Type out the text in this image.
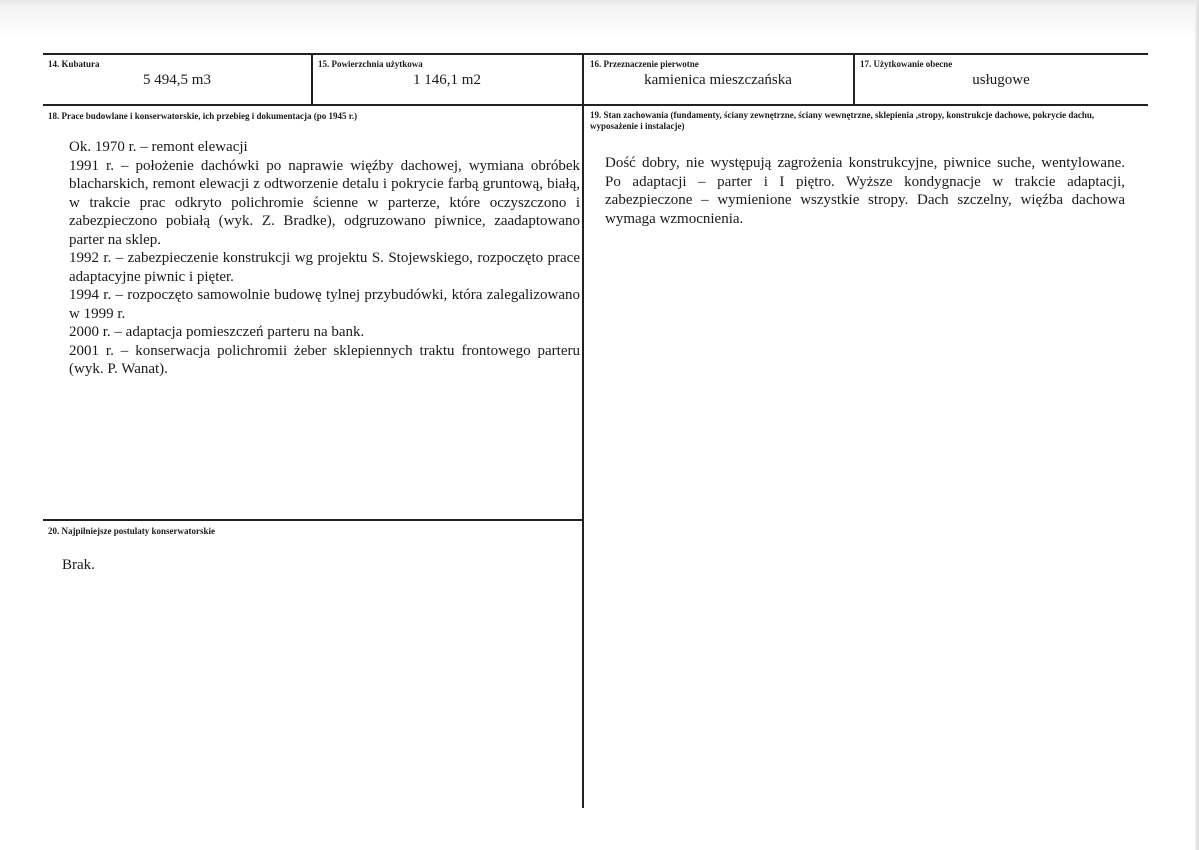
14. Kubatura
5 494,5 m3
15. Powierzchnia użytkowa
1 146,1 m2
16. Przeznaczenie pierwotne
kamienica mieszczańska
17. Użytkowanie obecne
usługowe
18. Prace budowlane i konserwatorskie, ich przebieg i dokumentacja (po 1945 r.)

Ok. 1970 r. – remont elewacji

1991 r. – położenie dachówki po naprawie więźby dachowej, wymiana obróbek blacharskich, remont elewacji z odtworzenie detalu i pokrycie farbą gruntową, białą, w trakcie prac odkryto polichromie ścienne w parterze, które oczyszczono i zabezpieczono pobiałą (wyk. Z. Bradke), odgruzowano piwnice, zaadaptowano parter na sklep.

1992 r. – zabezpieczenie konstrukcji wg projektu S. Stojewskiego, rozpoczęto prace adaptacyjne piwnic i pięter.

1994 r. – rozpoczęto samowolnie budowę tylnej przybudówki, która zalegalizowano w 1999 r.

2000 r. – adaptacja pomieszczeń parteru na bank.

2001 r. – konserwacja polichromii żeber sklepiennych traktu frontowego parteru (wyk. P. Wanat).

19. Stan zachowania (fundamenty, ściany zewnętrzne, ściany wewnętrzne, sklepienia ,stropy, konstrukcje dachowe, pokrycie dachu, wyposażenie i instalacje)
Dość dobry, nie występują zagrożenia konstrukcyjne, piwnice suche, wentylowane. Po adaptacji – parter i I piętro. Wyższe kondygnacje w trakcie adaptacji, zabezpieczone – wymienione wszystkie stropy. Dach szczelny, więźba dachowa wymaga wzmocnienia.
20. Najpilniejsze postulaty konserwatorskie
Brak.
